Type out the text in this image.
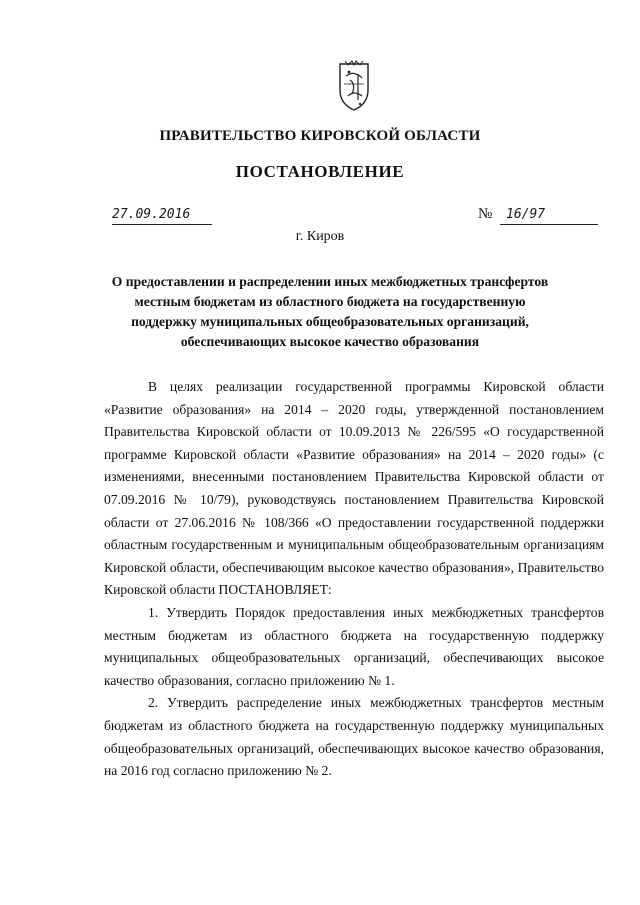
ПРАВИТЕЛЬСТВО КИРОВСКОЙ ОБЛАСТИ
ПОСТАНОВЛЕНИЕ
27.09.2016	№ 16/97
г. Киров
О предоставлении и распределении иных межбюджетных трансфертов
местным бюджетам из областного бюджета на государственную
поддержку муниципальных общеобразовательных организаций,
обеспечивающих высокое качество образования

В целях реализации государственной программы Кировской области «Развитие образования» на 2014 – 2020 годы, утвержденной постановлением Правительства Кировской области от 10.09.2013 № 226/595 «О государственной программе Кировской области «Развитие образования» на 2014 – 2020 годы» (с изменениями, внесенными постановлением Правительства Кировской области от 07.09.2016 № 10/79), руководствуясь постановлением Правительства Кировской области от 27.06.2016 № 108/366 «О предоставлении государственной поддержки областным государственным и муниципальным общеобразовательным организациям Кировской области, обеспечивающим высокое качество образования», Правительство Кировской области ПОСТАНОВЛЯЕТ:

1. Утвердить Порядок предоставления иных межбюджетных трансфертов местным бюджетам из областного бюджета на государственную поддержку муниципальных общеобразовательных организаций, обеспечивающих высокое качество образования, согласно приложению № 1.

2. Утвердить распределение иных межбюджетных трансфертов местным бюджетам из областного бюджета на государственную поддержку муниципальных общеобразовательных организаций, обеспечивающих высокое качество образования, на 2016 год согласно приложению № 2.
